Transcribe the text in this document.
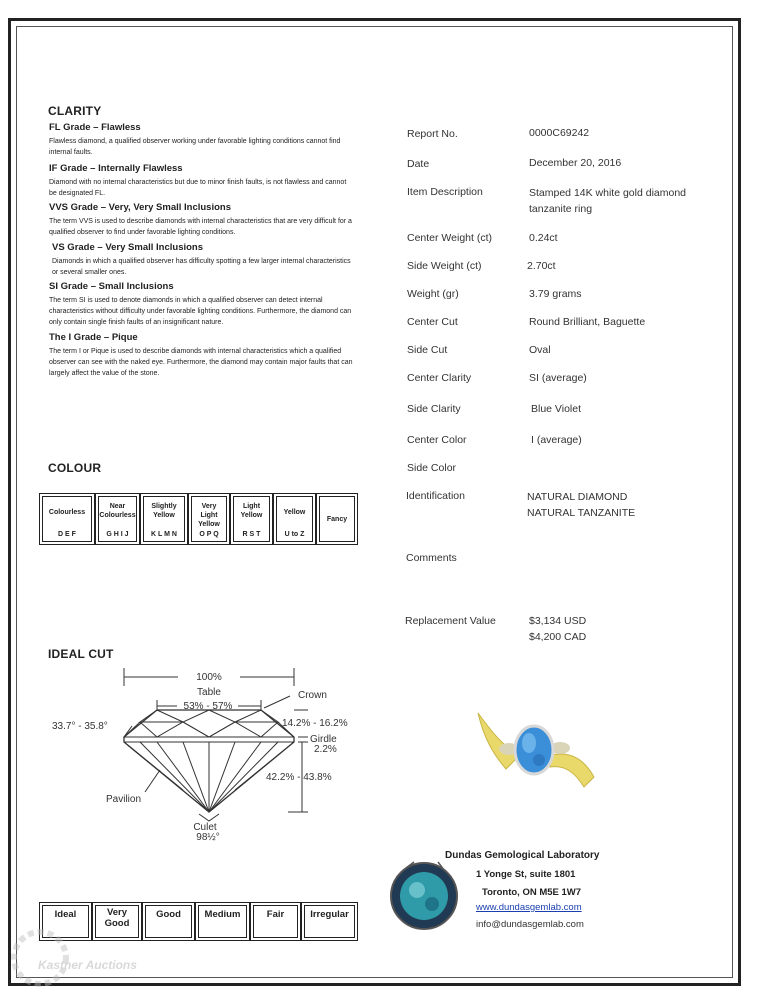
CLARITY
FL Grade – Flawless
Flawless diamond, a qualified observer working under favorable lighting conditions cannot find internal faults.
IF Grade – Internally Flawless
Diamond with no internal characteristics but due to minor finish faults, is not flawless and cannot be designated FL.
VVS Grade – Very, Very Small Inclusions
The term VVS is used to describe diamonds with internal characteristics that are very difficult for a qualified observer to find under favorable lighting conditions.
VS Grade – Very Small Inclusions
Diamonds in which a qualified observer has difficulty spotting a few larger internal characteristics or several smaller ones.
SI Grade – Small Inclusions
The term SI is used to denote diamonds in which a qualified observer can detect internal characteristics without difficulty under favorable lighting conditions. Furthermore, the diamond can only contain single finish faults of an insignificant nature.
The I Grade – Pique
The term I or Pique is used to describe diamonds with internal characteristics which a qualified observer can see with the naked eye. Furthermore, the diamond may contain major faults that can largely affect the value of the stone.
COLOUR
Colourless
D E F
Near
Colourless
G H I J
Slightly
Yellow
K L M N
Very
Light
Yellow
O P Q
Light
Yellow
R S T
Yellow
U to Z
Fancy
IDEAL CUT
100%
Table
53% - 57%
Crown
33.7° - 35.8°	14.2% - 16.2%
Girdle
2.2%
42.2% - 43.8%
Pavilion
Culet
98½°
Ideal	Very
Good
Good	Medium	Fair	Irregular
Report No.	0000C69242
Date	December 20, 2016
Item Description	Stamped 14K white gold diamond
tanzanite ring
Center Weight (ct)	0.24ct
Side Weight (ct)	2.70ct
Weight (gr)	3.79 grams
Center Cut	Round Brilliant, Baguette
Side Cut	Oval
Center Clarity	SI (average)
Side Clarity	Blue Violet
Center Color	I (average)
Side Color
Identification	NATURAL DIAMOND
NATURAL TANZANITE
Comments
Replacement Value	$3,134 USD
$4,200 CAD
Dundas Gemological Laboratory
1 Yonge St, suite 1801
Toronto, ON M5E 1W7
www.dundasgemlab.com
info@dundasgemlab.com
Kastner Auctions
